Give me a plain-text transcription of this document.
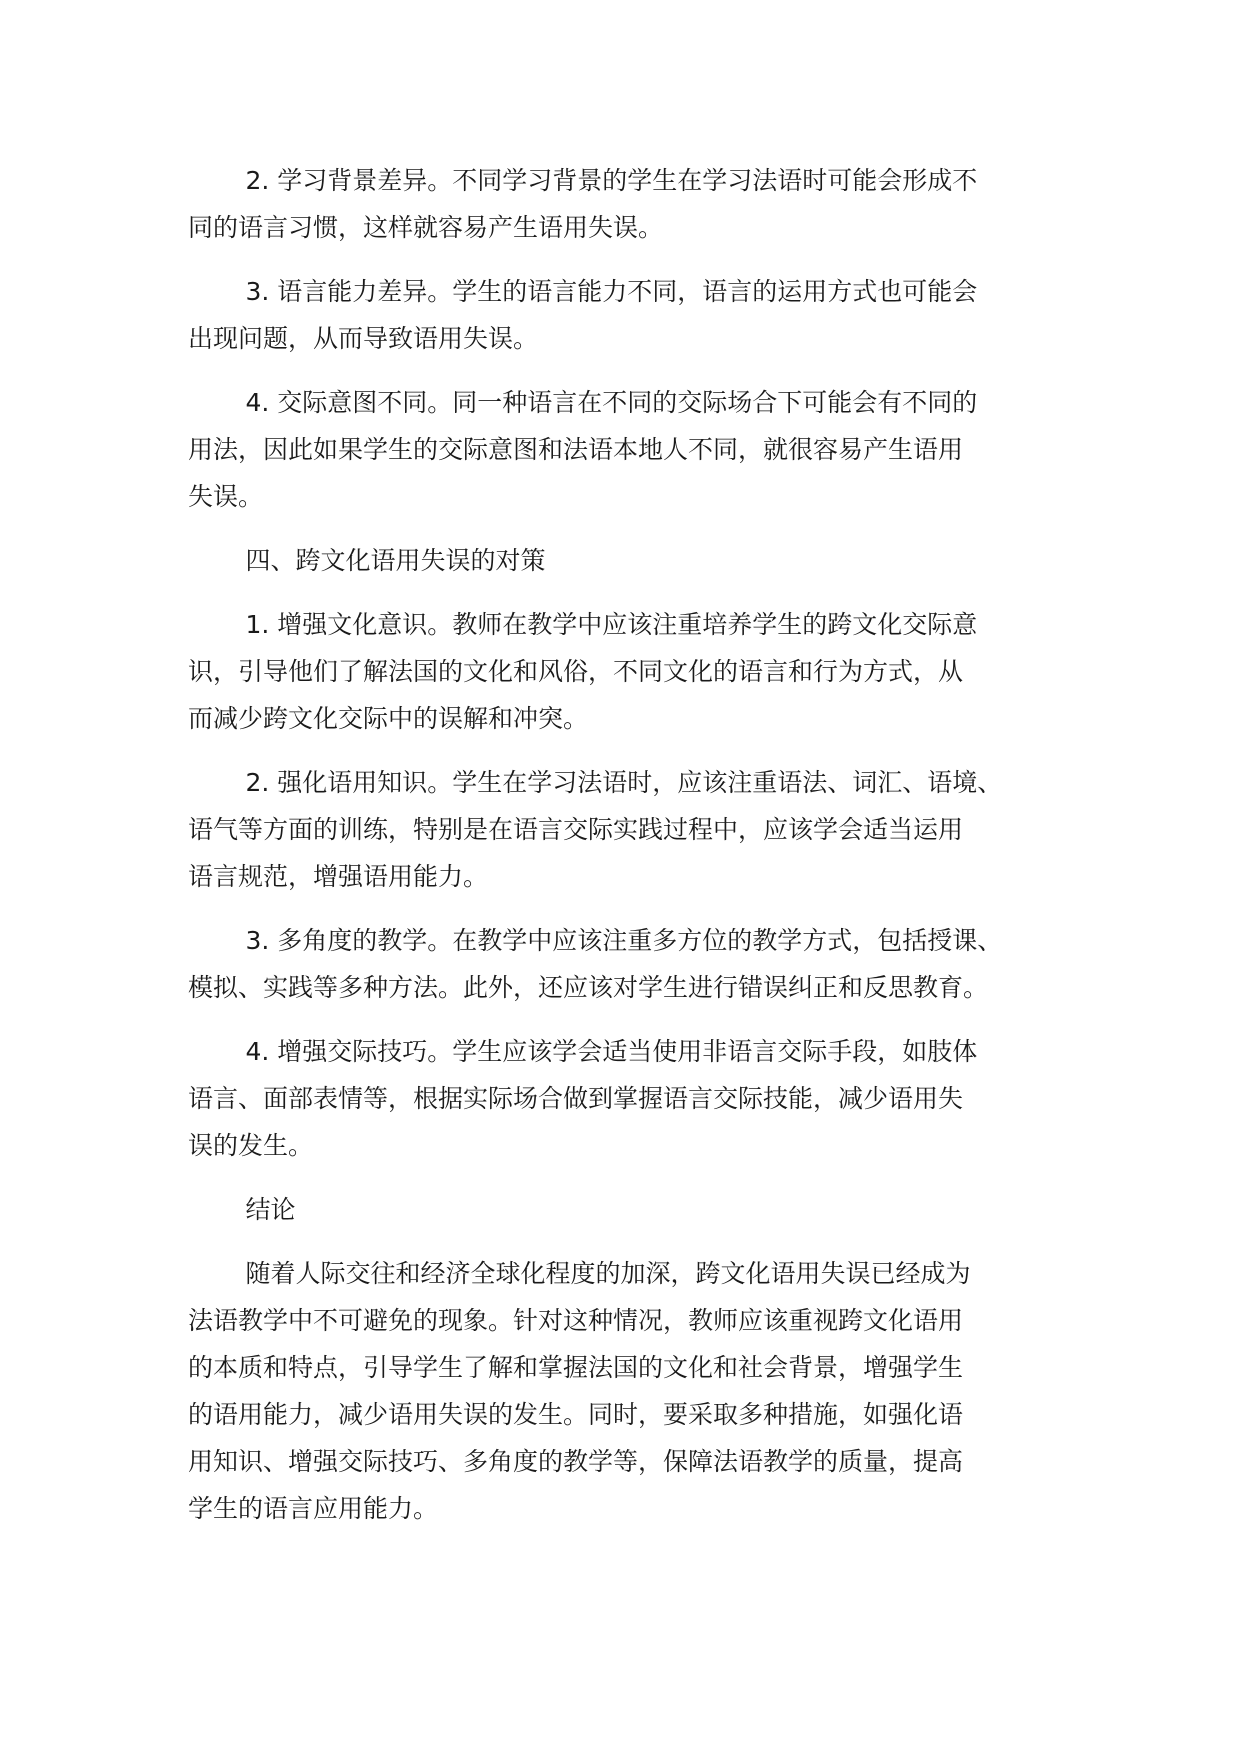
2. 学习背景差异。不同学习背景的学生在学习法语时可能会形成不
同的语言习惯，这样就容易产生语用失误。
3. 语言能力差异。学生的语言能力不同，语言的运用方式也可能会
出现问题，从而导致语用失误。
4. 交际意图不同。同一种语言在不同的交际场合下可能会有不同的
用法，因此如果学生的交际意图和法语本地人不同，就很容易产生语用
失误。
四、跨文化语用失误的对策
1. 增强文化意识。教师在教学中应该注重培养学生的跨文化交际意
识，引导他们了解法国的文化和风俗，不同文化的语言和行为方式，从
而减少跨文化交际中的误解和冲突。
2. 强化语用知识。学生在学习法语时，应该注重语法、词汇、语境、
语气等方面的训练，特别是在语言交际实践过程中，应该学会适当运用
语言规范，增强语用能力。
3. 多角度的教学。在教学中应该注重多方位的教学方式，包括授课、
模拟、实践等多种方法。此外，还应该对学生进行错误纠正和反思教育。
4. 增强交际技巧。学生应该学会适当使用非语言交际手段，如肢体
语言、面部表情等，根据实际场合做到掌握语言交际技能，减少语用失
误的发生。
结论
随着人际交往和经济全球化程度的加深，跨文化语用失误已经成为
法语教学中不可避免的现象。针对这种情况，教师应该重视跨文化语用
的本质和特点，引导学生了解和掌握法国的文化和社会背景，增强学生
的语用能力，减少语用失误的发生。同时，要采取多种措施，如强化语
用知识、增强交际技巧、多角度的教学等，保障法语教学的质量，提高
学生的语言应用能力。
